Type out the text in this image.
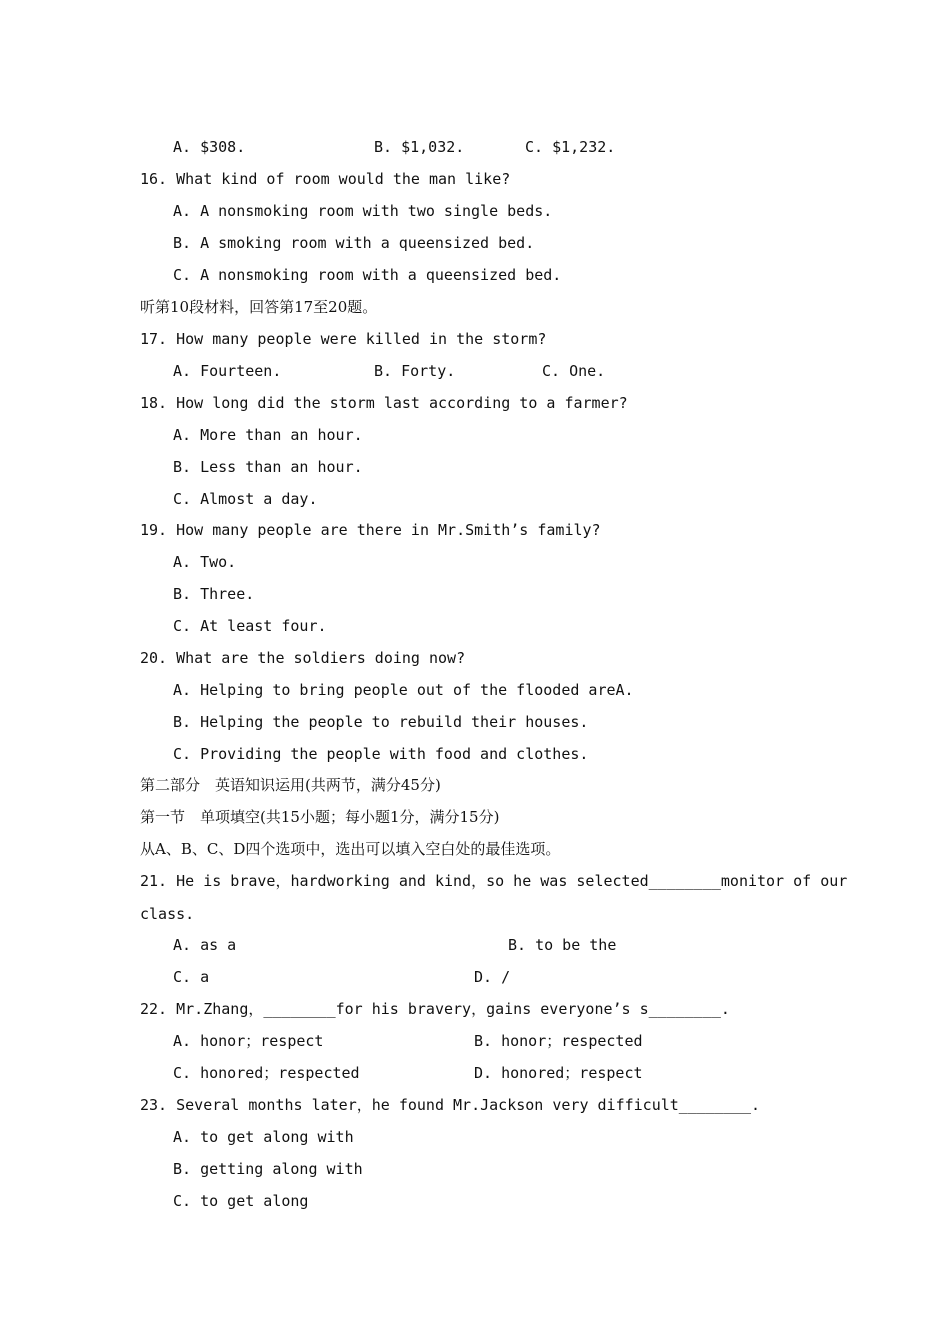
A. $308.	B. $1,032.	C. $1,232.
16. What kind of room would the man like?
A. A nonsmoking room with two single beds.
B. A smoking room with a queensized bed.
C. A nonsmoking room with a queensized bed.
听第10段材料，回答第17至20题。
17. How many people were killed in the storm?
A. Fourteen.	B. Forty.	C. One.
18. How long did the storm last according to a farmer?
A. More than an hour.
B. Less than an hour.
C. Almost a day.
19. How many people are there in Mr.Smith’s family?
A. Two.
B. Three.
C. At least four.
20. What are the soldiers doing now?
A. Helping to bring people out of the flooded areA.
B. Helping the people to rebuild their houses.
C. Providing the people with food and clothes.
第二部分　英语知识运用(共两节，满分45分)
第一节　单项填空(共15小题；每小题1分，满分15分)
从A、B、C、D四个选项中，选出可以填入空白处的最佳选项。
21. He is brave，hardworking and kind，so he was selected________monitor of our
class.
A. as a	B. to be the
C. a	D. /
22. Mr.Zhang，________for his bravery，gains everyone’s s________.
A. honor；respect	B. honor；respected
C. honored；respected	D. honored；respect
23. Several months later，he found Mr.Jackson very difficult________.
A. to get along with
B. getting along with
C. to get along
